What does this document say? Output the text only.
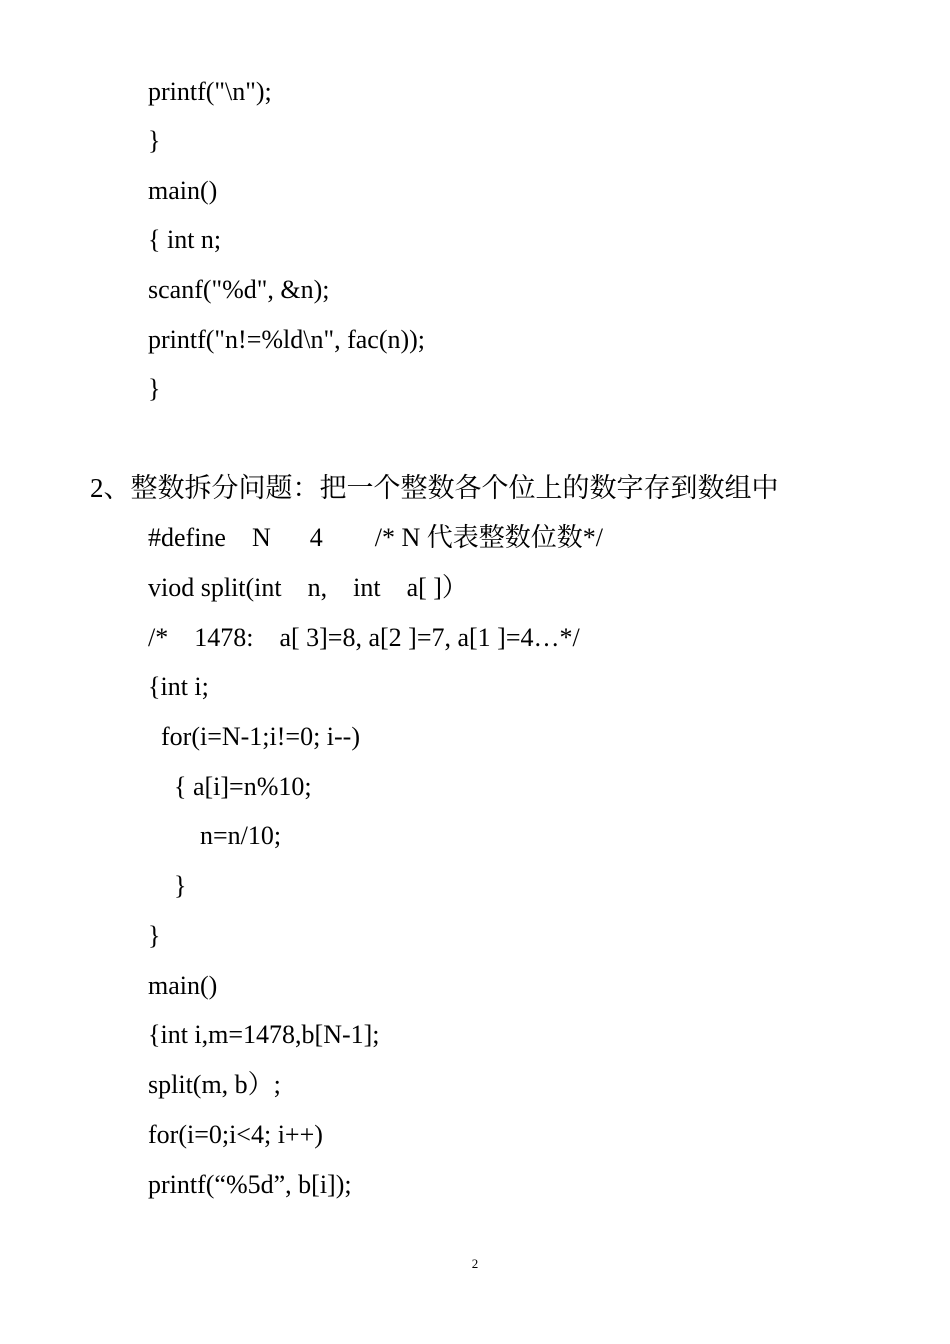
printf("\n");
}
main()
{ int n;
scanf("%d", &n);
printf("n!=%ld\n", fac(n));
}
2、整数拆分问题：把一个整数各个位上的数字存到数组中
#define    N      4        /* N 代表整数位数*/
viod split(int    n,    int    a[ ]）
/*    1478:    a[ 3]=8, a[2 ]=7, a[1 ]=4…*/
{int i;
for(i=N-1;i!=0; i--)
{ a[i]=n%10;
n=n/10;
}
}
main()
{int i,m=1478,b[N-1];
split(m, b）;
for(i=0;i<4; i++)
printf(“%5d”, b[i]);
2
